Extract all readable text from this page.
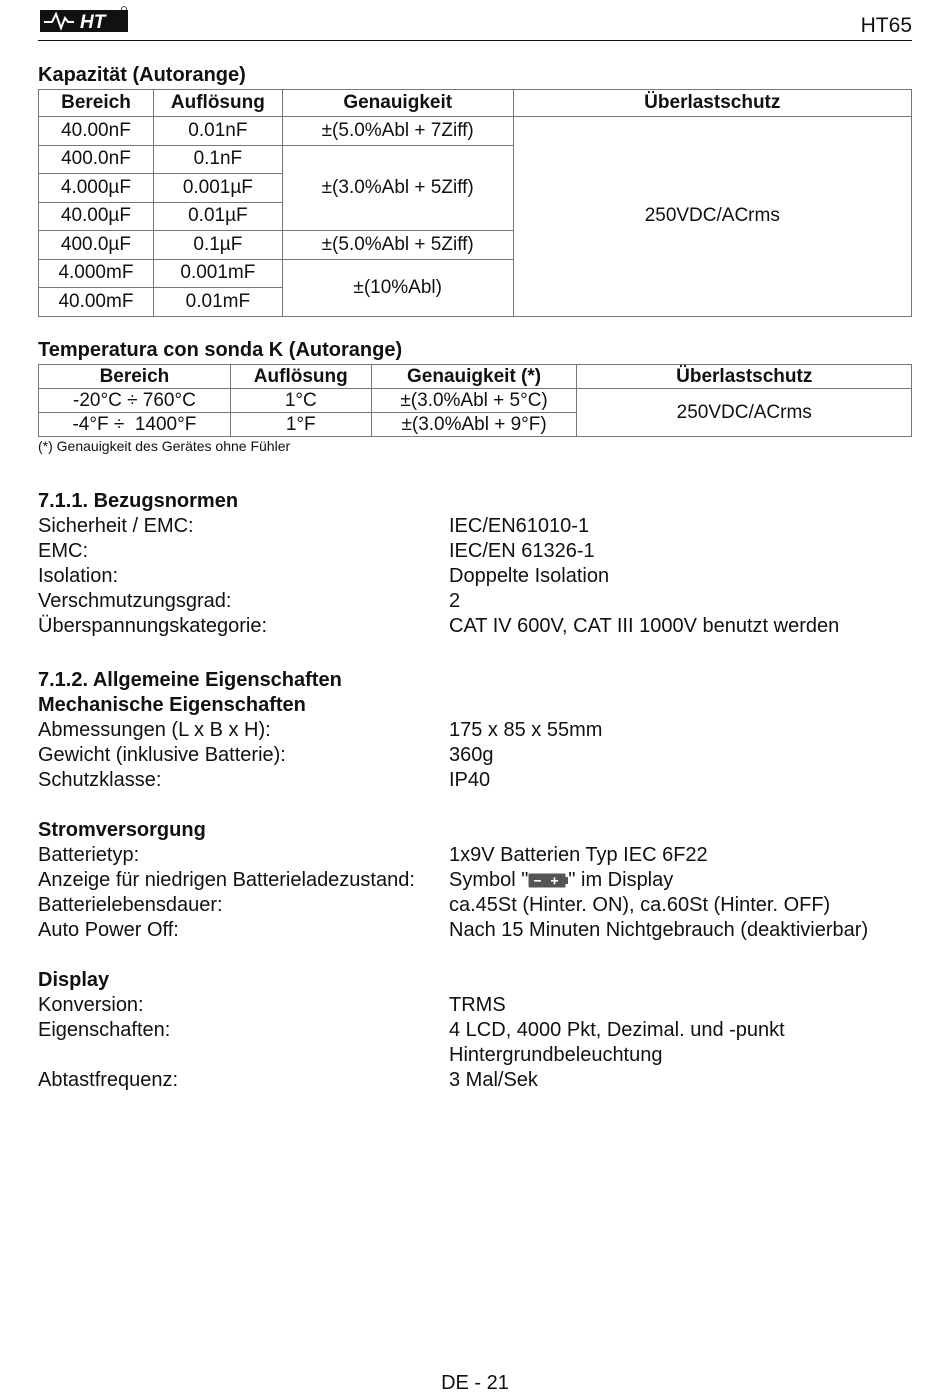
HT	HT65
Kapazität (Autorange)
Bereich	Auflösung	Genauigkeit	Überlastschutz
40.00nF	0.01nF	±(5.0%Abl + 7Ziff)	250VDC/ACrms
400.0nF	0.1nF	±(3.0%Abl + 5Ziff)	
4.000µF	0.001µF		
40.00µF	0.01µF		
400.0µF	0.1µF	±(5.0%Abl + 5Ziff)	
4.000mF	0.001mF	±(10%Abl)	
40.00mF	0.01mF		
Temperatura con sonda K (Autorange)
Bereich	Auflösung	Genauigkeit (*)	Überlastschutz
-20°C ÷ 760°C	1°C	±(3.0%Abl + 5°C)	250VDC/ACrms
-4°F ÷  1400°F	1°F	±(3.0%Abl + 9°F)	
(*) Genauigkeit des Gerätes ohne Fühler
7.1.1. Bezugsnormen
Sicherheit / EMC:	IEC/EN61010-1
EMC:	IEC/EN 61326-1
Isolation:	Doppelte Isolation
Verschmutzungsgrad:	2
Überspannungskategorie:	CAT IV 600V, CAT III 1000V benutzt werden
7.1.2. Allgemeine Eigenschaften
Mechanische Eigenschaften
Abmessungen (L x B x H):	175 x 85 x 55mm
Gewicht (inklusive Batterie):	360g
Schutzklasse:	IP40
Stromversorgung
Batterietyp:	1x9V Batterien Typ IEC 6F22
Anzeige für niedrigen Batterieladezustand: Symbol " " im Display
Batterielebensdauer:	ca.45St (Hinter. ON), ca.60St (Hinter. OFF)
Auto Power Off:	Nach 15 Minuten Nichtgebrauch (deaktivierbar)
Display
Konversion:	TRMS
Eigenschaften:	4 LCD, 4000 Pkt, Dezimal. und -punkt
Hintergrundbeleuchtung
Abtastfrequenz:	3 Mal/Sek
DE - 21
